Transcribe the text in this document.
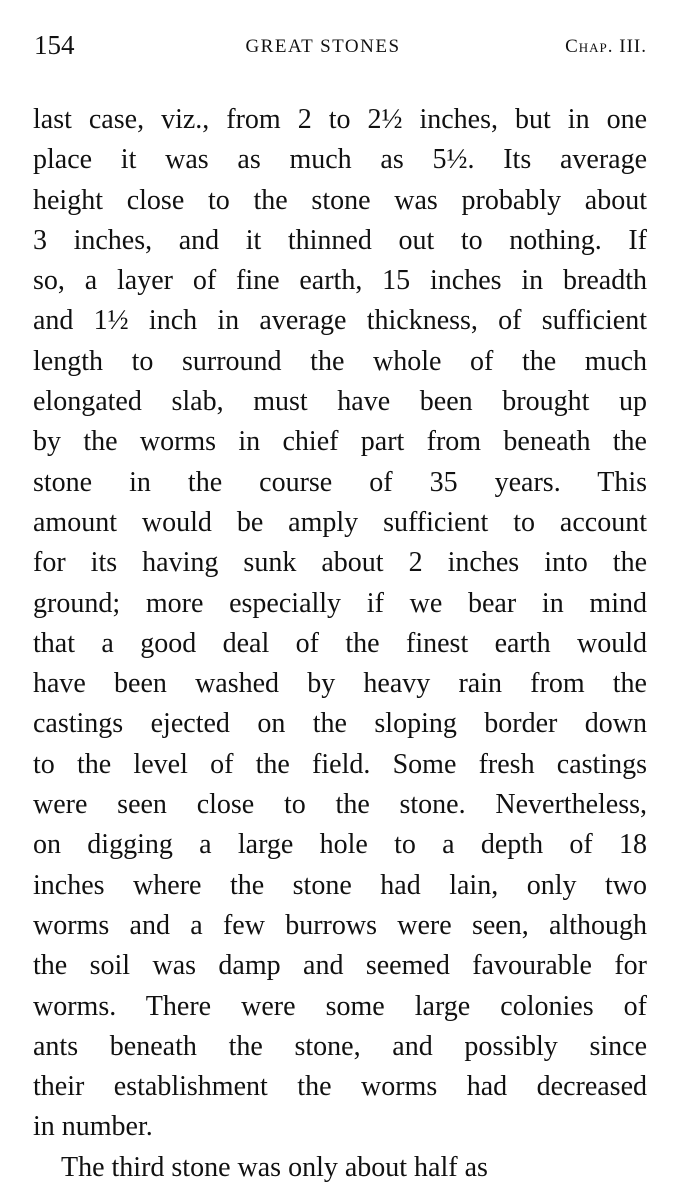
154	GREAT STONES	Chap. III.
last case, viz., from 2 to 2½ inches, but in one
place it was as much as 5½. Its average
height close to the stone was probably about
3 inches, and it thinned out to nothing. If
so, a layer of fine earth, 15 inches in breadth
and 1½ inch in average thickness, of sufficient
length to surround the whole of the much
elongated slab, must have been brought up
by the worms in chief part from beneath the
stone in the course of 35 years. This
amount would be amply sufficient to account
for its having sunk about 2 inches into the
ground; more especially if we bear in mind
that a good deal of the finest earth would
have been washed by heavy rain from the
castings ejected on the sloping border down
to the level of the field. Some fresh castings
were seen close to the stone. Nevertheless,
on digging a large hole to a depth of 18
inches where the stone had lain, only two
worms and a few burrows were seen, although
the soil was damp and seemed favourable for
worms. There were some large colonies of
ants beneath the stone, and possibly since
their establishment the worms had decreased
in number.
The third stone was only about half as
